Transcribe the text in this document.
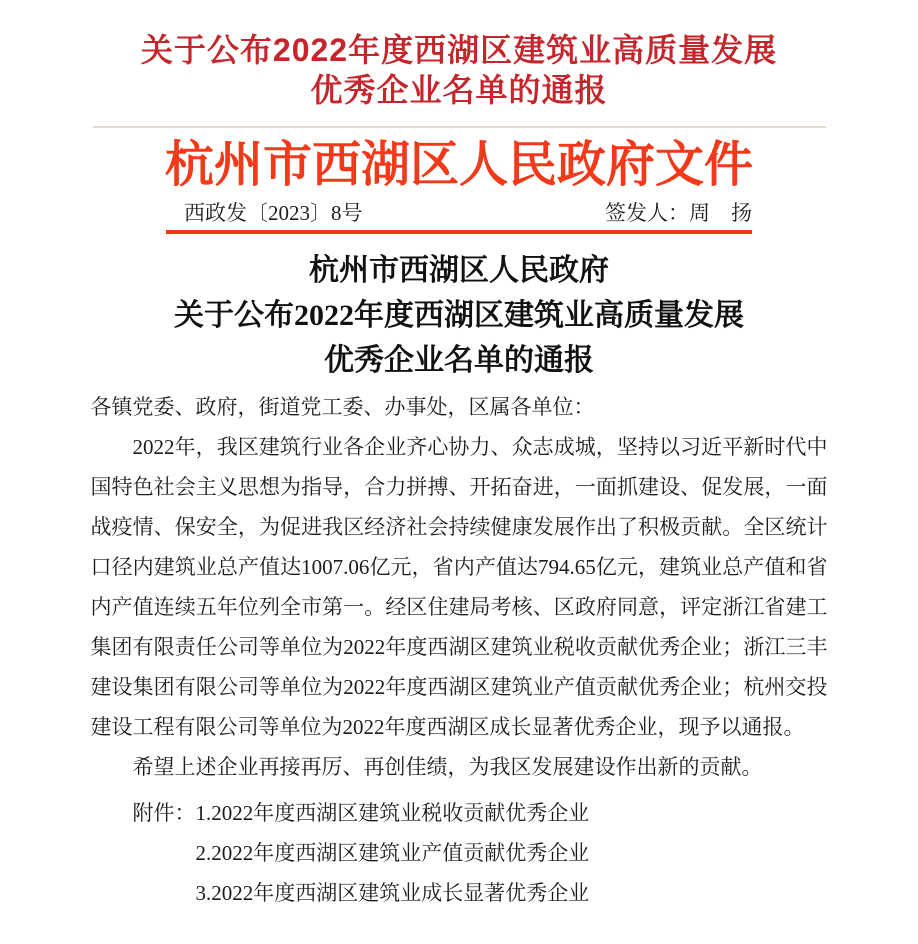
关于公布2022年度西湖区建筑业高质量发展
优秀企业名单的通报
杭州市西湖区人民政府文件
西政发〔2023〕8号	签发人：周　扬
杭州市西湖区人民政府
关于公布2022年度西湖区建筑业高质量发展
优秀企业名单的通报
各镇党委、政府，街道党工委、办事处，区属各单位：

2022年，我区建筑行业各企业齐心协力、众志成城，坚持以习近平新时代中国特色社会主义思想为指导，合力拼搏、开拓奋进，一面抓建设、促发展，一面战疫情、保安全，为促进我区经济社会持续健康发展作出了积极贡献。全区统计口径内建筑业总产值达1007.06亿元，省内产值达794.65亿元，建筑业总产值和省内产值连续五年位列全市第一。经区住建局考核、区政府同意，评定浙江省建工集团有限责任公司等单位为2022年度西湖区建筑业税收贡献优秀企业；浙江三丰建设集团有限公司等单位为2022年度西湖区建筑业产值贡献优秀企业；杭州交投建设工程有限公司等单位为2022年度西湖区成长显著优秀企业，现予以通报。

希望上述企业再接再厉、再创佳绩，为我区发展建设作出新的贡献。

附件： 1.2022年度西湖区建筑业税收贡献优秀企业
2.2022年度西湖区建筑业产值贡献优秀企业
3.2022年度西湖区建筑业成长显著优秀企业
